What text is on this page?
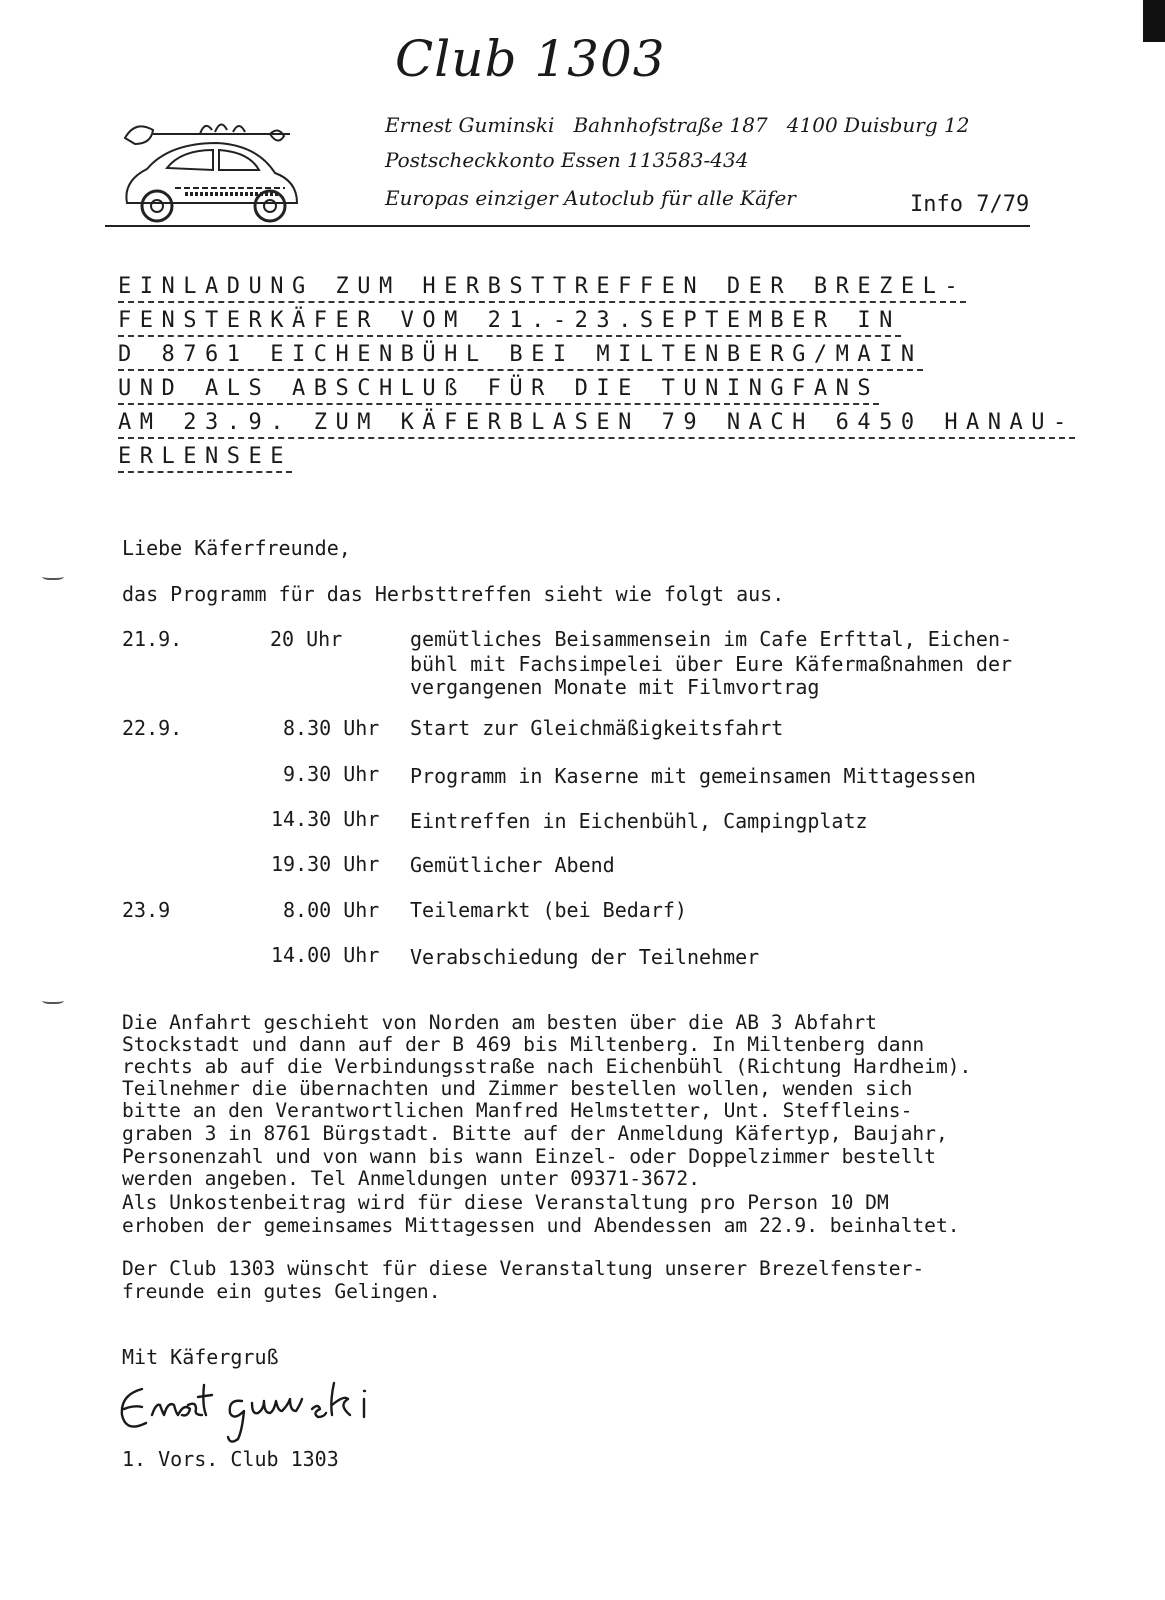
Club 1303
Ernest Guminski   Bahnhofstraße 187   4100 Duisburg 12
Postscheckkonto Essen 113583-434
Europas einziger Autoclub für alle Käfer	Info 7/79
EINLADUNG ZUM HERBSTTREFFEN DER BREZEL-
FENSTERKÄFER VOM 21.-23.SEPTEMBER IN
D 8761 EICHENBÜHL BEI MILTENBERG/MAIN
UND ALS ABSCHLUß FÜR DIE TUNINGFANS
AM 23.9. ZUM KÄFERBLASEN 79 NACH 6450 HANAU-
ERLENSEE
Liebe Käferfreunde,
das Programm für das Herbsttreffen sieht wie folgt aus.
21.9.	20 Uhr	gemütliches Beisammensein im Cafe Erfttal, Eichen-
bühl mit Fachsimpelei über Eure Käfermaßnahmen der
vergangenen Monate mit Filmvortrag
22.9.	8.30 Uhr Start zur Gleichmäßigkeitsfahrt
9.30 Uhr Programm in Kaserne mit gemeinsamen Mittagessen
14.30 Uhr Eintreffen in Eichenbühl, Campingplatz
19.30 Uhr Gemütlicher Abend
23.9	8.00 Uhr Teilemarkt (bei Bedarf)
14.00 Uhr Verabschiedung der Teilnehmer
Die Anfahrt geschieht von Norden am besten über die AB 3 Abfahrt
Stockstadt und dann auf der B 469 bis Miltenberg. In Miltenberg dann
rechts ab auf die Verbindungsstraße nach Eichenbühl (Richtung Hardheim).
Teilnehmer die übernachten und Zimmer bestellen wollen, wenden sich
bitte an den Verantwortlichen Manfred Helmstetter, Unt. Steffleins-
graben 3 in 8761 Bürgstadt. Bitte auf der Anmeldung Käfertyp, Baujahr,
Personenzahl und von wann bis wann Einzel- oder Doppelzimmer bestellt
werden angeben. Tel Anmeldungen unter 09371-3672.
Als Unkostenbeitrag wird für diese Veranstaltung pro Person 10 DM
erhoben der gemeinsames Mittagessen und Abendessen am 22.9. beinhaltet.
Der Club 1303 wünscht für diese Veranstaltung unserer Brezelfenster-
freunde ein gutes Gelingen.
Mit Käfergruß
1. Vors. Club 1303
